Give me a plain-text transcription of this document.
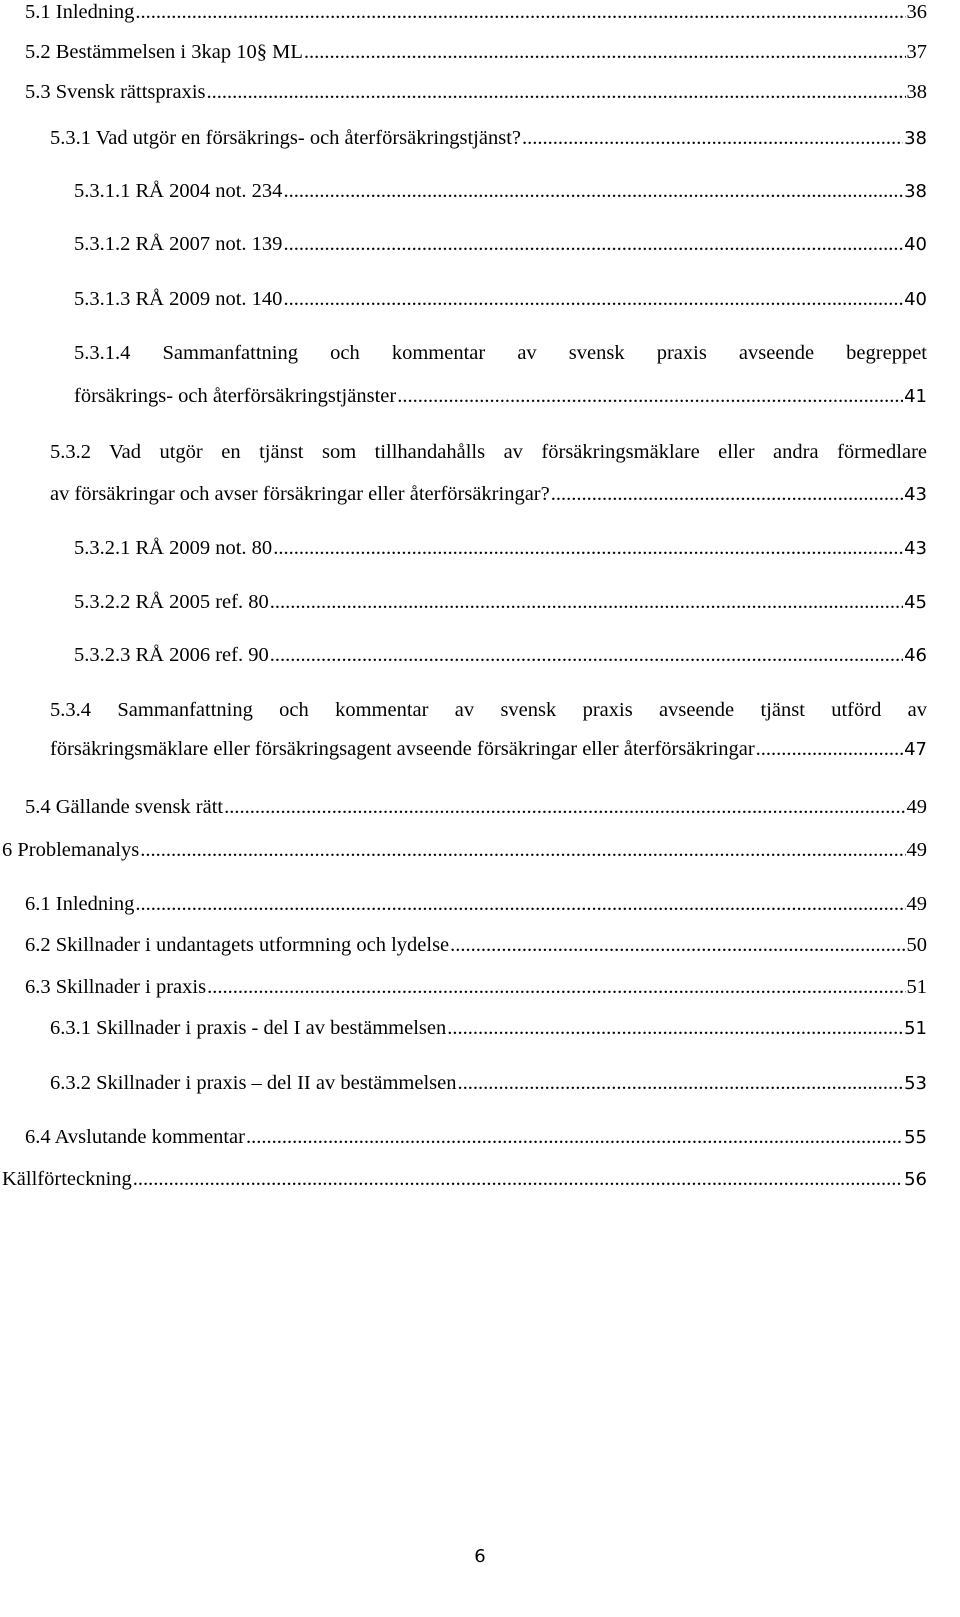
5.1 Inledning .....	36
5.2 Bestämmelsen i 3kap 10§ ML .....	37
5.3 Svensk rättspraxis .....	38
5.3.1 Vad utgör en försäkrings- och återförsäkringstjänst? .....	38
5.3.1.1 RÅ 2004 not. 234 .....	38
5.3.1.2 RÅ 2007 not. 139 .....	40
5.3.1.3 RÅ 2009 not. 140 .....	40
5.3.1.4 Sammanfattning och kommentar av svensk praxis avseende begreppet
försäkrings- och återförsäkringstjänster .....	41
5.3.2 Vad utgör en tjänst som tillhandahålls av försäkringsmäklare eller andra förmedlare
av försäkringar och avser försäkringar eller återförsäkringar? .....	43
5.3.2.1 RÅ 2009 not. 80 .....	43
5.3.2.2 RÅ 2005 ref. 80 .....	45
5.3.2.3 RÅ 2006 ref. 90 .....	46
5.3.4 Sammanfattning och kommentar av svensk praxis avseende tjänst utförd av
försäkringsmäklare eller försäkringsagent avseende försäkringar eller återförsäkringar .....	47
5.4 Gällande svensk rätt .....	49
6 Problemanalys .....	49
6.1 Inledning .....	49
6.2 Skillnader i undantagets utformning och lydelse .....	50
6.3 Skillnader i praxis .....	51
6.3.1 Skillnader i praxis - del I av bestämmelsen .....	51
6.3.2 Skillnader i praxis – del II av bestämmelsen .....	53
6.4 Avslutande kommentar .....	55
Källförteckning .....	56
6
